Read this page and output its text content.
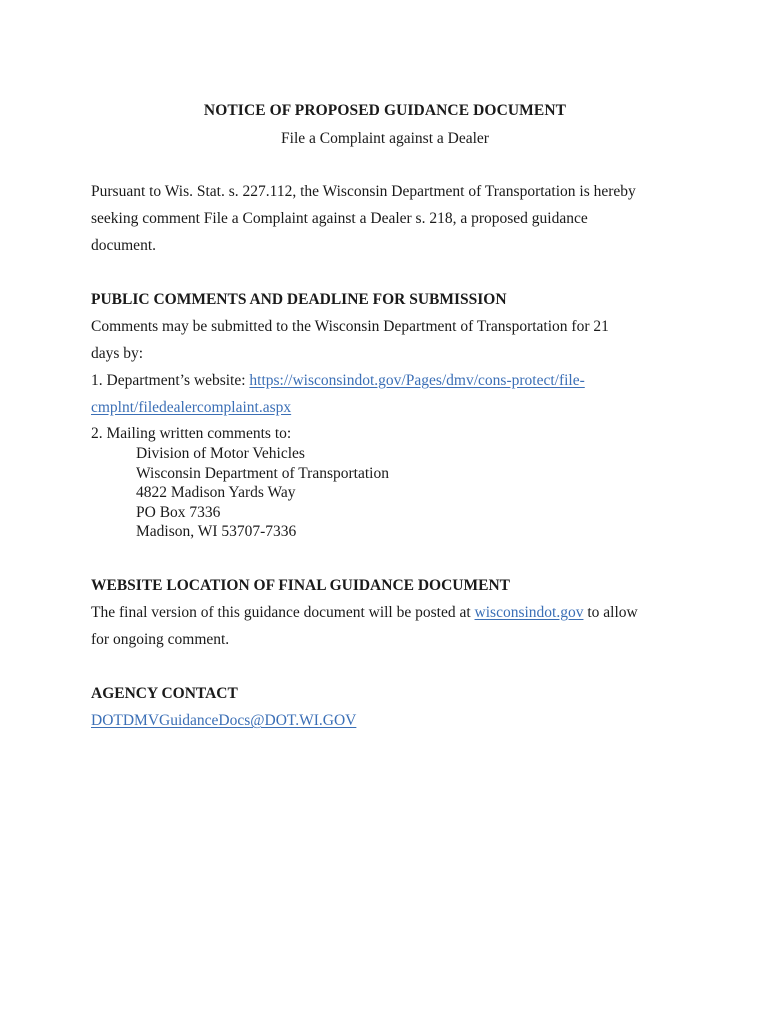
NOTICE OF PROPOSED GUIDANCE DOCUMENT
File a Complaint against a Dealer
Pursuant to Wis. Stat. s. 227.112, the Wisconsin Department of Transportation is hereby
seeking comment File a Complaint against a Dealer s. 218, a proposed guidance
document.
PUBLIC COMMENTS AND DEADLINE FOR SUBMISSION
Comments may be submitted to the Wisconsin Department of Transportation for 21
days by:
1. Department’s website: https://wisconsindot.gov/Pages/dmv/cons-protect/file-
cmplnt/filedealercomplaint.aspx
2. Mailing written comments to:
Division of Motor Vehicles
Wisconsin Department of Transportation
4822 Madison Yards Way
PO Box 7336
Madison, WI 53707-7336
WEBSITE LOCATION OF FINAL GUIDANCE DOCUMENT
The final version of this guidance document will be posted at wisconsindot.gov to allow
for ongoing comment.
AGENCY CONTACT
DOTDMVGuidanceDocs@DOT.WI.GOV
